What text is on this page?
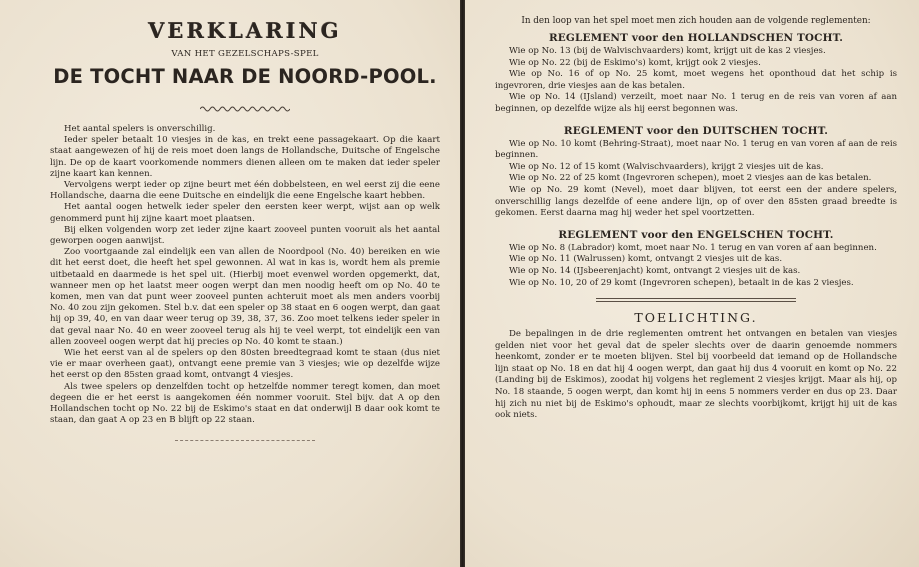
VERKLARING
VAN HET GEZELSCHAPS-SPEL
DE TOCHT NAAR DE NOORD-POOL.

Het aantal spelers is onverschillig.

Ieder speler betaalt 10 viesjes in de kas, en trekt eene passagekaart. Op die kaart staat aangewezen of hij de reis moet doen langs de Hollandsche, Duitsche of Engelsche lijn. De op de kaart voorkomende nommers dienen alleen om te maken dat ieder speler zijne kaart kan kennen.

Vervolgens werpt ieder op zijne beurt met één dobbelsteen, en wel eerst zij die eene Hollandsche, daarna die eene Duitsche en eindelijk die eene Engelsche kaart hebben.

Het aantal oogen hetwelk ieder speler den eersten keer werpt, wijst aan op welk genommerd punt hij zijne kaart moet plaatsen.

Bij elken volgenden worp zet ieder zijne kaart zooveel punten vooruit als het aantal geworpen oogen aanwijst.

Zoo voortgaande zal eindelijk een van allen de Noordpool (No. 40) bereiken en wie dit het eerst doet, die heeft het spel gewonnen. Al wat in kas is, wordt hem als premie uitbetaald en daarmede is het spel uit. (Hierbij moet evenwel worden opgemerkt, dat, wanneer men op het laatst meer oogen werpt dan men noodig heeft om op No. 40 te komen, men van dat punt weer zooveel punten achteruit moet als men anders voorbij No. 40 zou zijn gekomen. Stel b.v. dat een speler op 38 staat en 6 oogen werpt, dan gaat hij op 39, 40, en van daar weer terug op 39, 38, 37, 36. Zoo moet telkens ieder speler in dat geval naar No. 40 en weer zooveel terug als hij te veel werpt, tot eindelijk een van allen zooveel oogen werpt dat hij precies op No. 40 komt te staan.)

Wie het eerst van al de spelers op den 80sten breedtegraad komt te staan (dus niet vie er maar overheen gaat), ontvangt eene premie van 3 viesjes; wie op dezelfde wijze het eerst op den 85sten graad komt, ontvangt 4 viesjes.

Als twee spelers op denzelfden tocht op hetzelfde nommer teregt komen, dan moet degeen die er het eerst is aangekomen één nommer vooruit. Stel bijv. dat A op den Hollandschen tocht op No. 22 bij de Eskimo's staat en dat onderwijl B daar ook komt te staan, dan gaat A op 23 en B blijft op 22 staan.

In den loop van het spel moet men zich houden aan de volgende reglementen:
REGLEMENT voor den HOLLANDSCHEN TOCHT.

Wie op No. 13 (bij de Walvischvaarders) komt, krijgt uit de kas 2 viesjes.

Wie op No. 22 (bij de Eskimo's) komt, krijgt ook 2 viesjes.

Wie op No. 16 of op No. 25 komt, moet wegens het oponthoud dat het schip is ingevroren, drie viesjes aan de kas betalen.

Wie op No. 14 (IJsland) verzeilt, moet naar No. 1 terug en de reis van voren af aan beginnen, op dezelfde wijze als hij eerst begonnen was.

REGLEMENT voor den DUITSCHEN TOCHT.

Wie op No. 10 komt (Behring-Straat), moet naar No. 1 terug en van voren af aan de reis beginnen.

Wie op No. 12 of 15 komt (Walvischvaarders), krijgt 2 viesjes uit de kas.

Wie op No. 22 of 25 komt (Ingevroren schepen), moet 2 viesjes aan de kas betalen.

Wie op No. 29 komt (Nevel), moet daar blijven, tot eerst een der andere spelers, onverschillig langs dezelfde of eene andere lijn, op of over den 85sten graad breedte is gekomen. Eerst daarna mag hij weder het spel voortzetten.

REGLEMENT voor den ENGELSCHEN TOCHT.

Wie op No. 8 (Labrador) komt, moet naar No. 1 terug en van voren af aan beginnen.

Wie op No. 11 (Walrussen) komt, ontvangt 2 viesjes uit de kas.

Wie op No. 14 (IJsbeerenjacht) komt, ontvangt 2 viesjes uit de kas.

Wie op No. 10, 20 of 29 komt (Ingevroren schepen), betaalt in de kas 2 viesjes.

TOELICHTING.

De bepalingen in de drie reglementen omtrent het ontvangen en betalen van viesjes gelden niet voor het geval dat de speler slechts over de daarin genoemde nommers heenkomt, zonder er te moeten blijven. Stel bij voorbeeld dat iemand op de Hollandsche lijn staat op No. 18 en dat hij 4 oogen werpt, dan gaat hij dus 4 vooruit en komt op No. 22 (Landing bij de Eskimos), zoodat hij volgens het reglement 2 viesjes krijgt. Maar als hij, op No. 18 staande, 5 oogen werpt, dan komt hij in eens 5 nommers verder en dus op 23. Daar hij zich nu niet bij de Eskimo's ophoudt, maar ze slechts voorbijkomt, krijgt hij uit de kas ook niets.
